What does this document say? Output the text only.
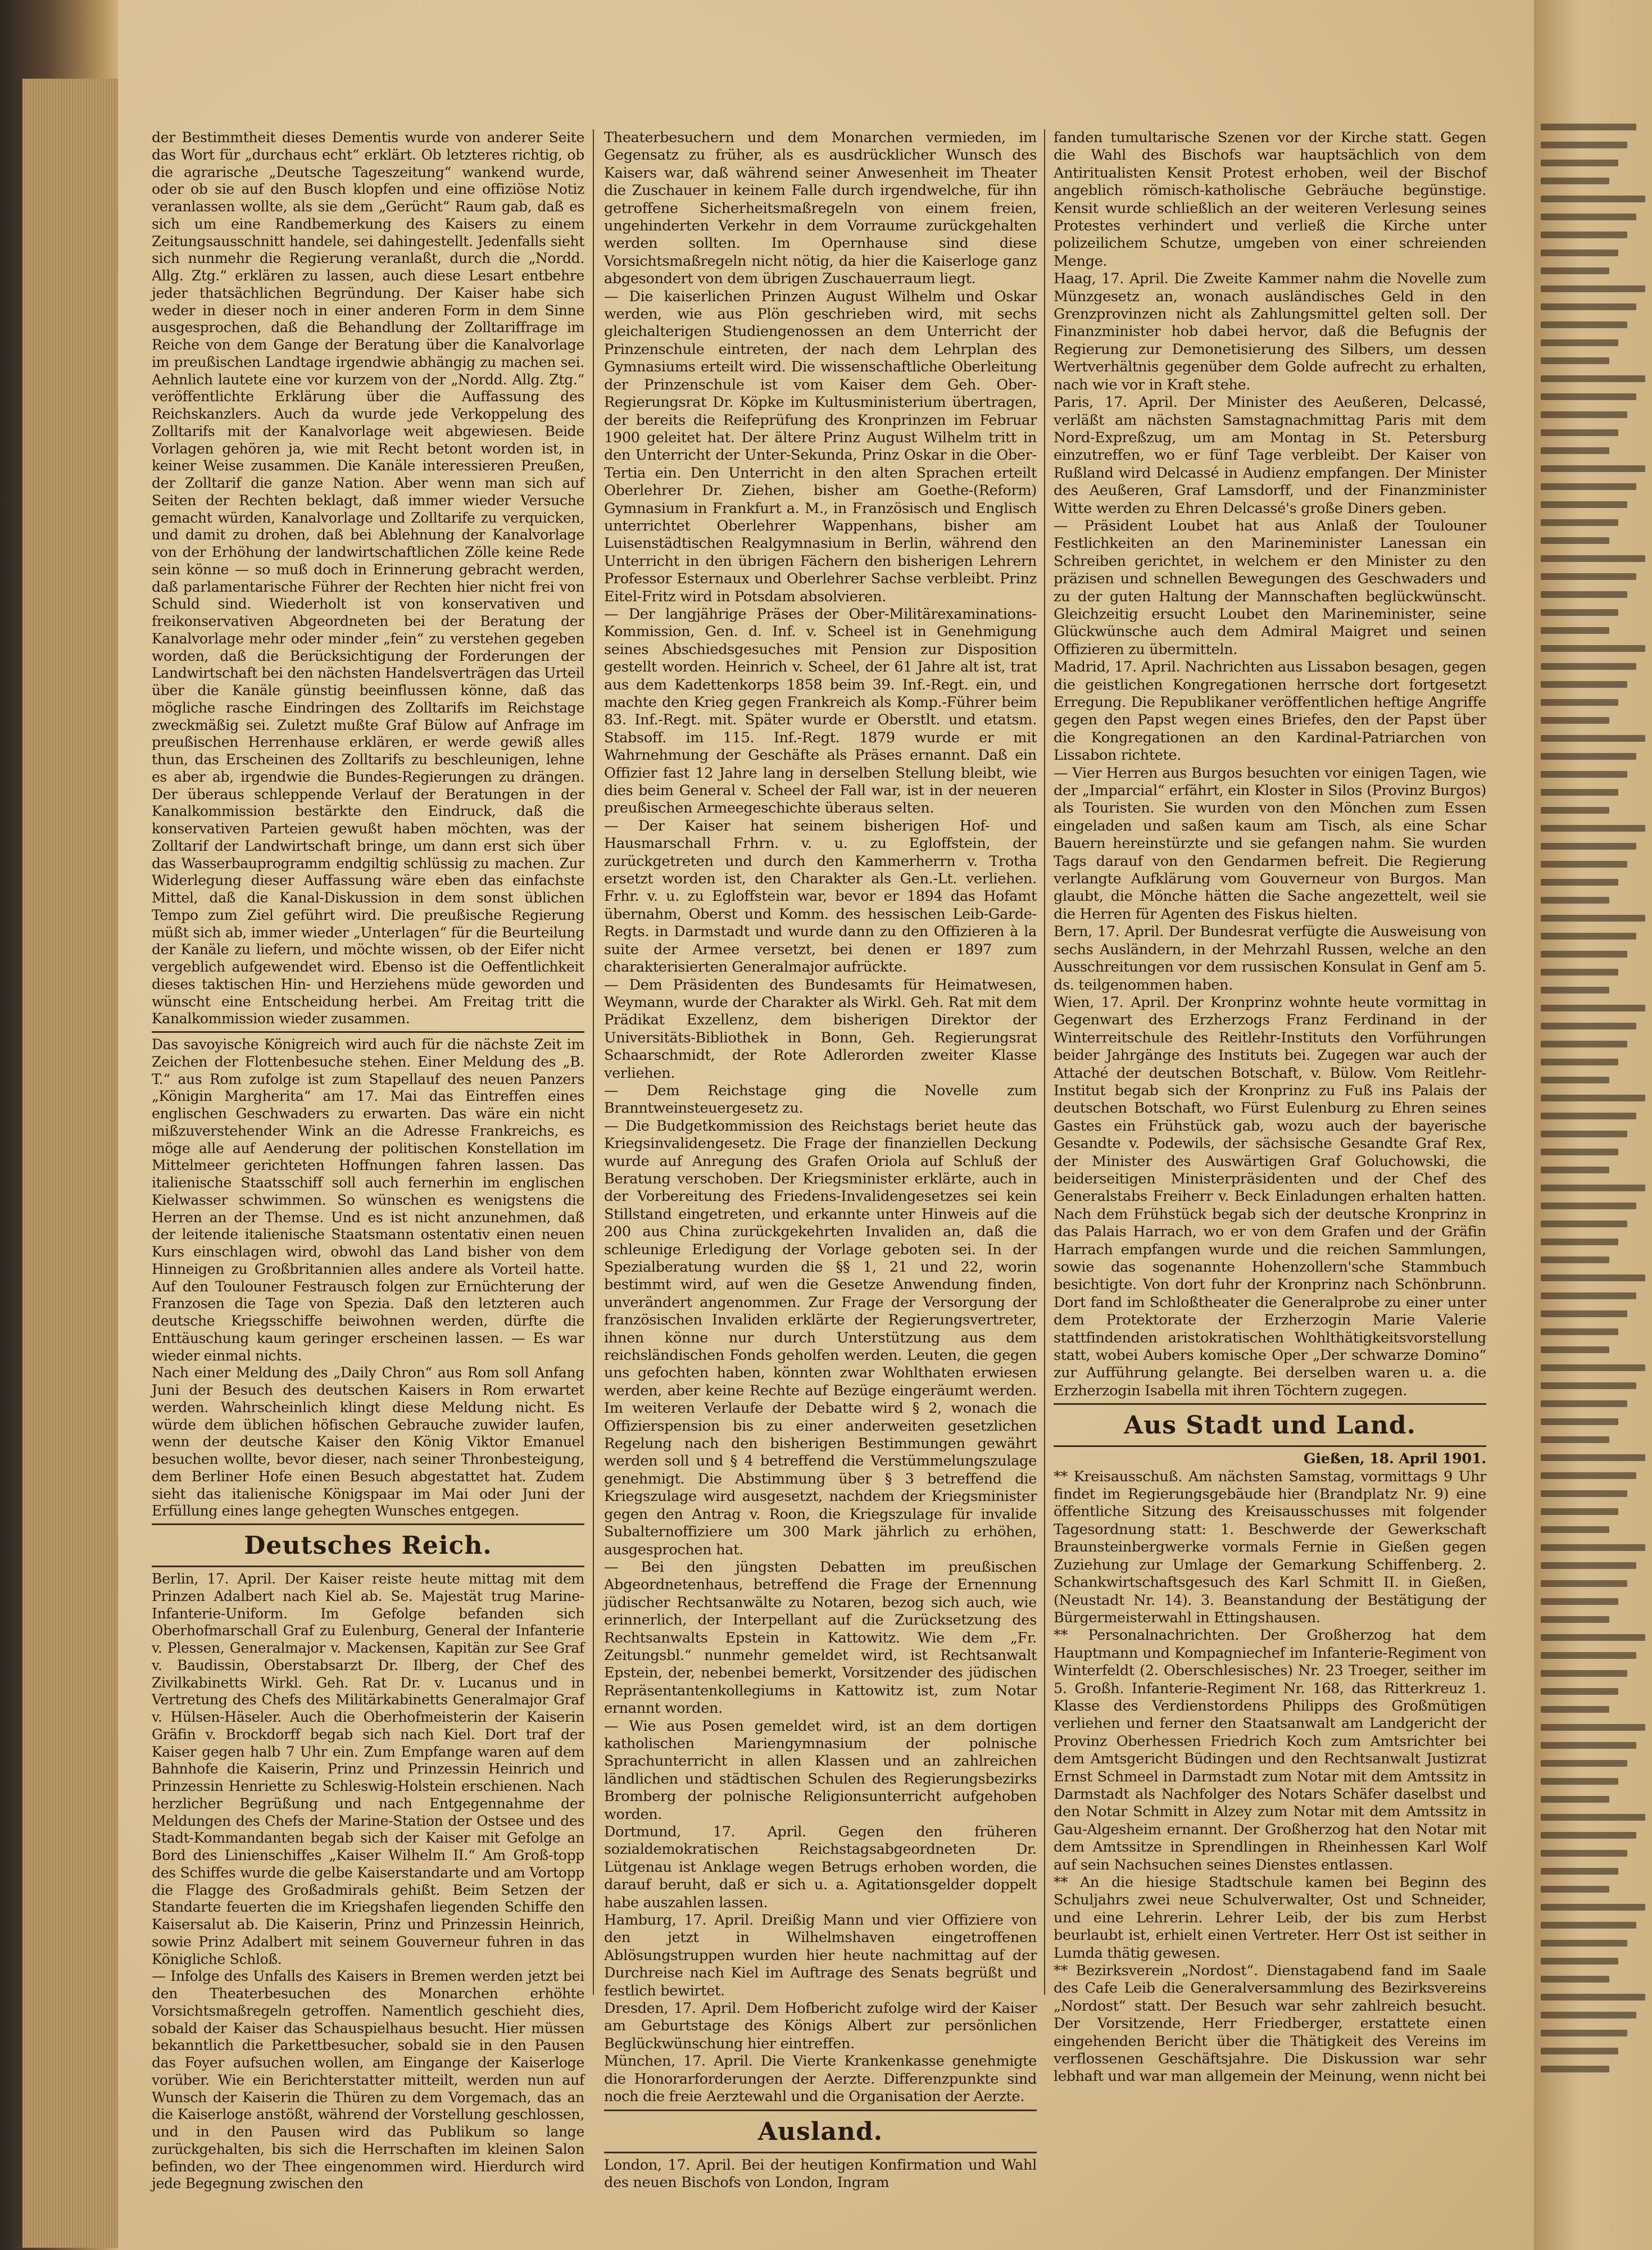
der Bestimmtheit dieses Dementis wurde von anderer Seite das Wort für „durchaus echt“ erklärt. Ob letzteres richtig, ob die agrarische „Deutsche Tageszeitung“ wankend wurde, oder ob sie auf den Busch klopfen und eine offiziöse Notiz veranlassen wollte, als sie dem „Gerücht“ Raum gab, daß es sich um eine Randbemerkung des Kaisers zu einem Zeitungsausschnitt handele, sei dahingestellt. Jedenfalls sieht sich nunmehr die Regierung veranlaßt, durch die „Nordd. Allg. Ztg.“ erklären zu lassen, auch diese Lesart entbehre jeder thatsächlichen Begründung. Der Kaiser habe sich weder in dieser noch in einer anderen Form in dem Sinne ausgesprochen, daß die Behandlung der Zolltariffrage im Reiche von dem Gange der Beratung über die Kanalvorlage im preußischen Landtage irgendwie abhängig zu machen sei. Aehnlich lautete eine vor kurzem von der „Nordd. Allg. Ztg.“ veröffentlichte Erklärung über die Auffassung des Reichskanzlers. Auch da wurde jede Verkoppelung des Zolltarifs mit der Kanalvorlage weit abgewiesen. Beide Vorlagen gehören ja, wie mit Recht betont worden ist, in keiner Weise zusammen. Die Kanäle interessieren Preußen, der Zolltarif die ganze Nation. Aber wenn man sich auf Seiten der Rechten beklagt, daß immer wieder Versuche gemacht würden, Kanalvorlage und Zolltarife zu verquicken, und damit zu drohen, daß bei Ablehnung der Kanalvorlage von der Erhöhung der landwirtschaftlichen Zölle keine Rede sein könne — so muß doch in Erinnerung gebracht werden, daß parlamentarische Führer der Rechten hier nicht frei von Schuld sind. Wiederholt ist von konservativen und freikonservativen Abgeordneten bei der Beratung der Kanalvorlage mehr oder minder „fein“ zu verstehen gegeben worden, daß die Berücksichtigung der Forderungen der Landwirtschaft bei den nächsten Handelsverträgen das Urteil über die Kanäle günstig beeinflussen könne, daß das mögliche rasche Eindringen des Zolltarifs im Reichstage zweckmäßig sei. Zuletzt mußte Graf Bülow auf Anfrage im preußischen Herrenhause erklären, er werde gewiß alles thun, das Erscheinen des Zolltarifs zu beschleunigen, lehne es aber ab, irgendwie die Bundes-Regierungen zu drängen. Der überaus schleppende Verlauf der Beratungen in der Kanalkommission bestärkte den Eindruck, daß die konservativen Parteien gewußt haben möchten, was der Zolltarif der Landwirtschaft bringe, um dann erst sich über das Wasserbauprogramm endgiltig schlüssig zu machen. Zur Widerlegung dieser Auffassung wäre eben das einfachste Mittel, daß die Kanal-Diskussion in dem sonst üblichen Tempo zum Ziel geführt wird. Die preußische Regierung müßt sich ab, immer wieder „Unterlagen“ für die Beurteilung der Kanäle zu liefern, und möchte wissen, ob der Eifer nicht vergeblich aufgewendet wird. Ebenso ist die Oeffentlichkeit dieses taktischen Hin- und Herziehens müde geworden und wünscht eine Entscheidung herbei. Am Freitag tritt die Kanalkommission wieder zusammen.

Das savoyische Königreich wird auch für die nächste Zeit im Zeichen der Flottenbesuche stehen. Einer Meldung des „B. T.“ aus Rom zufolge ist zum Stapellauf des neuen Panzers „Königin Margherita“ am 17. Mai das Eintreffen eines englischen Geschwaders zu erwarten. Das wäre ein nicht mißzuverstehender Wink an die Adresse Frankreichs, es möge alle auf Aenderung der politischen Konstellation im Mittelmeer gerichteten Hoffnungen fahren lassen. Das italienische Staatsschiff soll auch fernerhin im englischen Kielwasser schwimmen. So wünschen es wenigstens die Herren an der Themse. Und es ist nicht anzunehmen, daß der leitende italienische Staatsmann ostentativ einen neuen Kurs einschlagen wird, obwohl das Land bisher von dem Hinneigen zu Großbritannien alles andere als Vorteil hatte. Auf den Toulouner Festrausch folgen zur Ernüchterung der Franzosen die Tage von Spezia. Daß den letzteren auch deutsche Kriegsschiffe beiwohnen werden, dürfte die Enttäuschung kaum geringer erscheinen lassen. — Es war wieder einmal nichts.

Nach einer Meldung des „Daily Chron“ aus Rom soll Anfang Juni der Besuch des deutschen Kaisers in Rom erwartet werden. Wahrscheinlich klingt diese Meldung nicht. Es würde dem üblichen höfischen Gebrauche zuwider laufen, wenn der deutsche Kaiser den König Viktor Emanuel besuchen wollte, bevor dieser, nach seiner Thronbesteigung, dem Berliner Hofe einen Besuch abgestattet hat. Zudem sieht das italienische Königspaar im Mai oder Juni der Erfüllung eines lange gehegten Wunsches entgegen.

Deutsches Reich.

Berlin, 17. April. Der Kaiser reiste heute mittag mit dem Prinzen Adalbert nach Kiel ab. Se. Majestät trug Marine-Infanterie-Uniform. Im Gefolge befanden sich Oberhofmarschall Graf zu Eulenburg, General der Infanterie v. Plessen, Generalmajor v. Mackensen, Kapitän zur See Graf v. Baudissin, Oberstabsarzt Dr. Ilberg, der Chef des Zivilkabinetts Wirkl. Geh. Rat Dr. v. Lucanus und in Vertretung des Chefs des Militärkabinetts Generalmajor Graf v. Hülsen-Häseler. Auch die Oberhofmeisterin der Kaiserin Gräfin v. Brockdorff begab sich nach Kiel. Dort traf der Kaiser gegen halb 7 Uhr ein. Zum Empfange waren auf dem Bahnhofe die Kaiserin, Prinz und Prinzessin Heinrich und Prinzessin Henriette zu Schleswig-Holstein erschienen. Nach herzlicher Begrüßung und nach Entgegennahme der Meldungen des Chefs der Marine-Station der Ostsee und des Stadt-Kommandanten begab sich der Kaiser mit Gefolge an Bord des Linienschiffes „Kaiser Wilhelm II.“ Am Groß-topp des Schiffes wurde die gelbe Kaiserstandarte und am Vortopp die Flagge des Großadmirals gehißt. Beim Setzen der Standarte feuerten die im Kriegshafen liegenden Schiffe den Kaisersalut ab. Die Kaiserin, Prinz und Prinzessin Heinrich, sowie Prinz Adalbert mit seinem Gouverneur fuhren in das Königliche Schloß.

— Infolge des Unfalls des Kaisers in Bremen werden jetzt bei den Theaterbesuchen des Monarchen erhöhte Vorsichtsmaßregeln getroffen. Namentlich geschieht dies, sobald der Kaiser das Schauspielhaus besucht. Hier müssen bekanntlich die Parkettbesucher, sobald sie in den Pausen das Foyer aufsuchen wollen, am Eingange der Kaiserloge vorüber. Wie ein Berichterstatter mitteilt, werden nun auf Wunsch der Kaiserin die Thüren zu dem Vorgemach, das an die Kaiserloge anstößt, während der Vorstellung geschlossen, und in den Pausen wird das Publikum so lange zurückgehalten, bis sich die Herrschaften im kleinen Salon befinden, wo der Thee eingenommen wird. Hierdurch wird jede Begegnung zwischen den

Theaterbesuchern und dem Monarchen vermieden, im Gegensatz zu früher, als es ausdrücklicher Wunsch des Kaisers war, daß während seiner Anwesenheit im Theater die Zuschauer in keinem Falle durch irgendwelche, für ihn getroffene Sicherheitsmaßregeln von einem freien, ungehinderten Verkehr in dem Vorraume zurückgehalten werden sollten. Im Opernhause sind diese Vorsichtsmaßregeln nicht nötig, da hier die Kaiserloge ganz abgesondert von dem übrigen Zuschauerraum liegt.

— Die kaiserlichen Prinzen August Wilhelm und Oskar werden, wie aus Plön geschrieben wird, mit sechs gleichalterigen Studiengenossen an dem Unterricht der Prinzenschule eintreten, der nach dem Lehrplan des Gymnasiums erteilt wird. Die wissenschaftliche Oberleitung der Prinzenschule ist vom Kaiser dem Geh. Ober-Regierungsrat Dr. Köpke im Kultusministerium übertragen, der bereits die Reifeprüfung des Kronprinzen im Februar 1900 geleitet hat. Der ältere Prinz August Wilhelm tritt in den Unterricht der Unter-Sekunda, Prinz Oskar in die Ober-Tertia ein. Den Unterricht in den alten Sprachen erteilt Oberlehrer Dr. Ziehen, bisher am Goethe-(Reform) Gymnasium in Frankfurt a. M., in Französisch und Englisch unterrichtet Oberlehrer Wappenhans, bisher am Luisenstädtischen Realgymnasium in Berlin, während den Unterricht in den übrigen Fächern den bisherigen Lehrern Professor Esternaux und Oberlehrer Sachse verbleibt. Prinz Eitel-Fritz wird in Potsdam absolvieren.

— Der langjährige Präses der Ober-Militärexaminations-Kommission, Gen. d. Inf. v. Scheel ist in Genehmigung seines Abschiedsgesuches mit Pension zur Disposition gestellt worden. Heinrich v. Scheel, der 61 Jahre alt ist, trat aus dem Kadettenkorps 1858 beim 39. Inf.-Regt. ein, und machte den Krieg gegen Frankreich als Komp.-Führer beim 83. Inf.-Regt. mit. Später wurde er Oberstlt. und etatsm. Stabsoff. im 115. Inf.-Regt. 1879 wurde er mit Wahrnehmung der Geschäfte als Präses ernannt. Daß ein Offizier fast 12 Jahre lang in derselben Stellung bleibt, wie dies beim General v. Scheel der Fall war, ist in der neueren preußischen Armeegeschichte überaus selten.

— Der Kaiser hat seinem bisherigen Hof- und Hausmarschall Frhrn. v. u. zu Egloffstein, der zurückgetreten und durch den Kammerherrn v. Trotha ersetzt worden ist, den Charakter als Gen.-Lt. verliehen. Frhr. v. u. zu Egloffstein war, bevor er 1894 das Hofamt übernahm, Oberst und Komm. des hessischen Leib-Garde-Regts. in Darmstadt und wurde dann zu den Offizieren à la suite der Armee versetzt, bei denen er 1897 zum charakterisierten Generalmajor aufrückte.

— Dem Präsidenten des Bundesamts für Heimatwesen, Weymann, wurde der Charakter als Wirkl. Geh. Rat mit dem Prädikat Exzellenz, dem bisherigen Direktor der Universitäts-Bibliothek in Bonn, Geh. Regierungsrat Schaarschmidt, der Rote Adlerorden zweiter Klasse verliehen.

— Dem Reichstage ging die Novelle zum Branntweinsteuergesetz zu.

— Die Budgetkommission des Reichstags beriet heute das Kriegsinvalidengesetz. Die Frage der finanziellen Deckung wurde auf Anregung des Grafen Oriola auf Schluß der Beratung verschoben. Der Kriegsminister erklärte, auch in der Vorbereitung des Friedens-Invalidengesetzes sei kein Stillstand eingetreten, und erkannte unter Hinweis auf die 200 aus China zurückgekehrten Invaliden an, daß die schleunige Erledigung der Vorlage geboten sei. In der Spezialberatung wurden die §§ 1, 21 und 22, worin bestimmt wird, auf wen die Gesetze Anwendung finden, unverändert angenommen. Zur Frage der Versorgung der französischen Invaliden erklärte der Regierungsvertreter, ihnen könne nur durch Unterstützung aus dem reichsländischen Fonds geholfen werden. Leuten, die gegen uns gefochten haben, könnten zwar Wohlthaten erwiesen werden, aber keine Rechte auf Bezüge eingeräumt werden. Im weiteren Verlaufe der Debatte wird § 2, wonach die Offizierspension bis zu einer anderweiten gesetzlichen Regelung nach den bisherigen Bestimmungen gewährt werden soll und § 4 betreffend die Verstümmelungszulage genehmigt. Die Abstimmung über § 3 betreffend die Kriegszulage wird ausgesetzt, nachdem der Kriegsminister gegen den Antrag v. Roon, die Kriegszulage für invalide Subalternoffiziere um 300 Mark jährlich zu erhöhen, ausgesprochen hat.

— Bei den jüngsten Debatten im preußischen Abgeordnetenhaus, betreffend die Frage der Ernennung jüdischer Rechtsanwälte zu Notaren, bezog sich auch, wie erinnerlich, der Interpellant auf die Zurücksetzung des Rechtsanwalts Epstein in Kattowitz. Wie dem „Fr. Zeitungsbl.“ nunmehr gemeldet wird, ist Rechtsanwalt Epstein, der, nebenbei bemerkt, Vorsitzender des jüdischen Repräsentantenkollegiums in Kattowitz ist, zum Notar ernannt worden.

— Wie aus Posen gemeldet wird, ist an dem dortigen katholischen Mariengymnasium der polnische Sprachunterricht in allen Klassen und an zahlreichen ländlichen und städtischen Schulen des Regierungsbezirks Bromberg der polnische Religionsunterricht aufgehoben worden.

Dortmund, 17. April. Gegen den früheren sozialdemokratischen Reichstagsabgeordneten Dr. Lütgenau ist Anklage wegen Betrugs erhoben worden, die darauf beruht, daß er sich u. a. Agitationsgelder doppelt habe auszahlen lassen.

Hamburg, 17. April. Dreißig Mann und vier Offiziere von den jetzt in Wilhelmshaven eingetroffenen Ablösungstruppen wurden hier heute nachmittag auf der Durchreise nach Kiel im Auftrage des Senats begrüßt und festlich bewirtet.

Dresden, 17. April. Dem Hofbericht zufolge wird der Kaiser am Geburtstage des Königs Albert zur persönlichen Beglückwünschung hier eintreffen.

München, 17. April. Die Vierte Krankenkasse genehmigte die Honorarforderungen der Aerzte. Differenzpunkte sind noch die freie Aerztewahl und die Organisation der Aerzte.

Ausland.

London, 17. April. Bei der heutigen Konfirmation und Wahl des neuen Bischofs von London, Ingram

fanden tumultarische Szenen vor der Kirche statt. Gegen die Wahl des Bischofs war hauptsächlich von dem Antiritualisten Kensit Protest erhoben, weil der Bischof angeblich römisch-katholische Gebräuche begünstige. Kensit wurde schließlich an der weiteren Verlesung seines Protestes verhindert und verließ die Kirche unter polizeilichem Schutze, umgeben von einer schreienden Menge.

Haag, 17. April. Die Zweite Kammer nahm die Novelle zum Münzgesetz an, wonach ausländisches Geld in den Grenzprovinzen nicht als Zahlungsmittel gelten soll. Der Finanzminister hob dabei hervor, daß die Befugnis der Regierung zur Demonetisierung des Silbers, um dessen Wertverhältnis gegenüber dem Golde aufrecht zu erhalten, nach wie vor in Kraft stehe.

Paris, 17. April. Der Minister des Aeußeren, Delcassé, verläßt am nächsten Samstagnachmittag Paris mit dem Nord-Expreßzug, um am Montag in St. Petersburg einzutreffen, wo er fünf Tage verbleibt. Der Kaiser von Rußland wird Delcassé in Audienz empfangen. Der Minister des Aeußeren, Graf Lamsdorff, und der Finanzminister Witte werden zu Ehren Delcassé's große Diners geben.

— Präsident Loubet hat aus Anlaß der Toulouner Festlichkeiten an den Marineminister Lanessan ein Schreiben gerichtet, in welchem er den Minister zu den präzisen und schnellen Bewegungen des Geschwaders und zu der guten Haltung der Mannschaften beglückwünscht. Gleichzeitig ersucht Loubet den Marineminister, seine Glückwünsche auch dem Admiral Maigret und seinen Offizieren zu übermitteln.

Madrid, 17. April. Nachrichten aus Lissabon besagen, gegen die geistlichen Kongregationen herrsche dort fortgesetzt Erregung. Die Republikaner veröffentlichen heftige Angriffe gegen den Papst wegen eines Briefes, den der Papst über die Kongregationen an den Kardinal-Patriarchen von Lissabon richtete.

— Vier Herren aus Burgos besuchten vor einigen Tagen, wie der „Imparcial“ erfährt, ein Kloster in Silos (Provinz Burgos) als Touristen. Sie wurden von den Mönchen zum Essen eingeladen und saßen kaum am Tisch, als eine Schar Bauern hereinstürzte und sie gefangen nahm. Sie wurden Tags darauf von den Gendarmen befreit. Die Regierung verlangte Aufklärung vom Gouverneur von Burgos. Man glaubt, die Mönche hätten die Sache angezettelt, weil sie die Herren für Agenten des Fiskus hielten.

Bern, 17. April. Der Bundesrat verfügte die Ausweisung von sechs Ausländern, in der Mehrzahl Russen, welche an den Ausschreitungen vor dem russischen Konsulat in Genf am 5. ds. teilgenommen haben.

Wien, 17. April. Der Kronprinz wohnte heute vormittag in Gegenwart des Erzherzogs Franz Ferdinand in der Winterreitschule des Reitlehr-Instituts den Vorführungen beider Jahrgänge des Instituts bei. Zugegen war auch der Attaché der deutschen Botschaft, v. Bülow. Vom Reitlehr-Institut begab sich der Kronprinz zu Fuß ins Palais der deutschen Botschaft, wo Fürst Eulenburg zu Ehren seines Gastes ein Frühstück gab, wozu auch der bayerische Gesandte v. Podewils, der sächsische Gesandte Graf Rex, der Minister des Auswärtigen Graf Goluchowski, die beiderseitigen Ministerpräsidenten und der Chef des Generalstabs Freiherr v. Beck Einladungen erhalten hatten. Nach dem Frühstück begab sich der deutsche Kronprinz in das Palais Harrach, wo er von dem Grafen und der Gräfin Harrach empfangen wurde und die reichen Sammlungen, sowie das sogenannte Hohenzollern'sche Stammbuch besichtigte. Von dort fuhr der Kronprinz nach Schönbrunn. Dort fand im Schloßtheater die Generalprobe zu einer unter dem Protektorate der Erzherzogin Marie Valerie stattfindenden aristokratischen Wohlthätigkeitsvorstellung statt, wobei Aubers komische Oper „Der schwarze Domino“ zur Aufführung gelangte. Bei derselben waren u. a. die Erzherzogin Isabella mit ihren Töchtern zugegen.

Aus Stadt und Land.

Gießen, 18. April 1901.

** Kreisausschuß. Am nächsten Samstag, vormittags 9 Uhr findet im Regierungsgebäude hier (Brandplatz Nr. 9) eine öffentliche Sitzung des Kreisausschusses mit folgender Tagesordnung statt: 1. Beschwerde der Gewerkschaft Braunsteinbergwerke vormals Fernie in Gießen gegen Zuziehung zur Umlage der Gemarkung Schiffenberg. 2. Schankwirtschaftsgesuch des Karl Schmitt II. in Gießen, (Neustadt Nr. 14). 3. Beanstandung der Bestätigung der Bürgermeisterwahl in Ettingshausen.

** Personalnachrichten. Der Großherzog hat dem Hauptmann und Kompagniechef im Infanterie-Regiment von Winterfeldt (2. Oberschlesisches) Nr. 23 Troeger, seither im 5. Großh. Infanterie-Regiment Nr. 168, das Ritterkreuz 1. Klasse des Verdienstordens Philipps des Großmütigen verliehen und ferner den Staatsanwalt am Landgericht der Provinz Oberhessen Friedrich Koch zum Amtsrichter bei dem Amtsgericht Büdingen und den Rechtsanwalt Justizrat Ernst Schmeel in Darmstadt zum Notar mit dem Amtssitz in Darmstadt als Nachfolger des Notars Schäfer daselbst und den Notar Schmitt in Alzey zum Notar mit dem Amtssitz in Gau-Algesheim ernannt. Der Großherzog hat den Notar mit dem Amtssitze in Sprendlingen in Rheinhessen Karl Wolf auf sein Nachsuchen seines Dienstes entlassen.

** An die hiesige Stadtschule kamen bei Beginn des Schuljahrs zwei neue Schulverwalter, Ost und Schneider, und eine Lehrerin. Lehrer Leib, der bis zum Herbst beurlaubt ist, erhielt einen Vertreter. Herr Ost ist seither in Lumda thätig gewesen.

** Bezirksverein „Nordost“. Dienstagabend fand im Saale des Cafe Leib die Generalversammlung des Bezirksvereins „Nordost“ statt. Der Besuch war sehr zahlreich besucht. Der Vorsitzende, Herr Friedberger, erstattete einen eingehenden Bericht über die Thätigkeit des Vereins im verflossenen Geschäftsjahre. Die Diskussion war sehr lebhaft und war man allgemein der Meinung, wenn nicht bei
